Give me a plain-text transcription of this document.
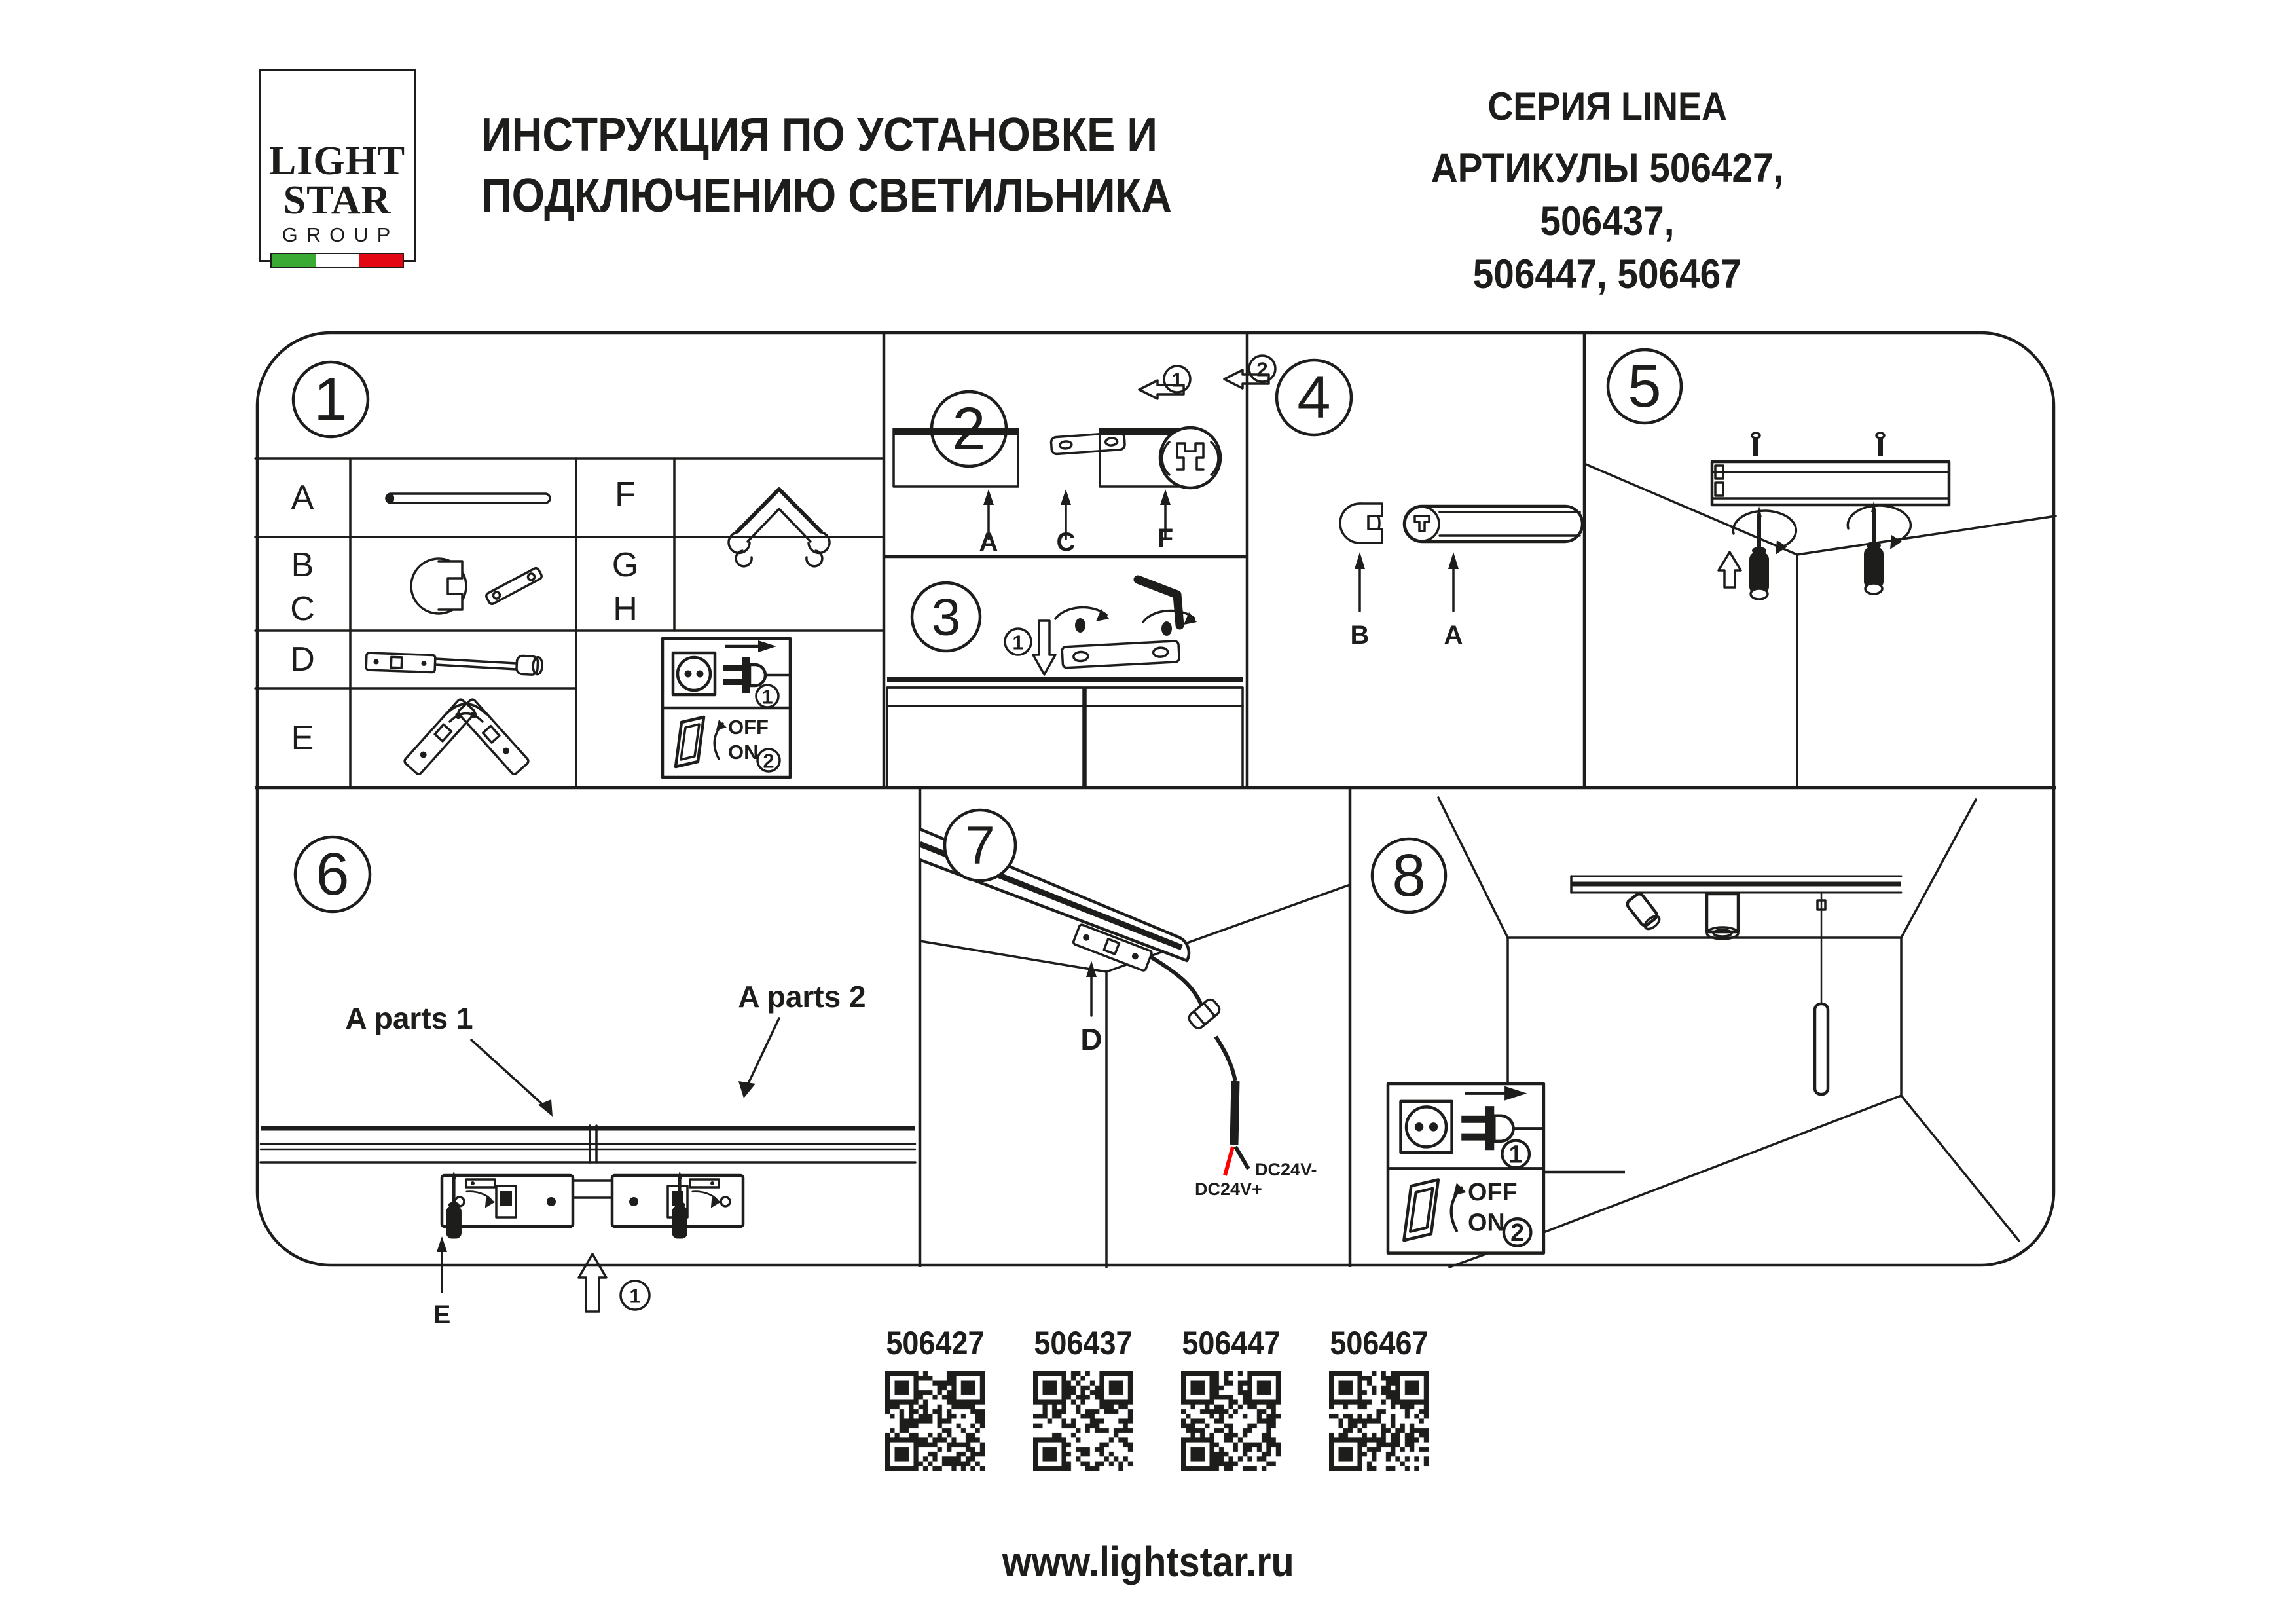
LIGHT
STAR
GROUP
ИНСТРУКЦИЯ ПО УСТАНОВКЕ И
ПОДКЛЮЧЕНИЮ СВЕТИЛЬНИКА
СЕРИЯ LINEA
АРТИКУЛЫ 506427, 506437,
506447, 506467
1
A
B
C
D
E
F
G
H
1
OFF
ON 2
1	2
A C	F
3	1
4
B	A
5
6
A parts 1
A parts 2
E
1
7
D
DC24V-
DC24V+
8
1
OFF
ON 2
506427	506437	506447	506467
www.lightstar.ru
